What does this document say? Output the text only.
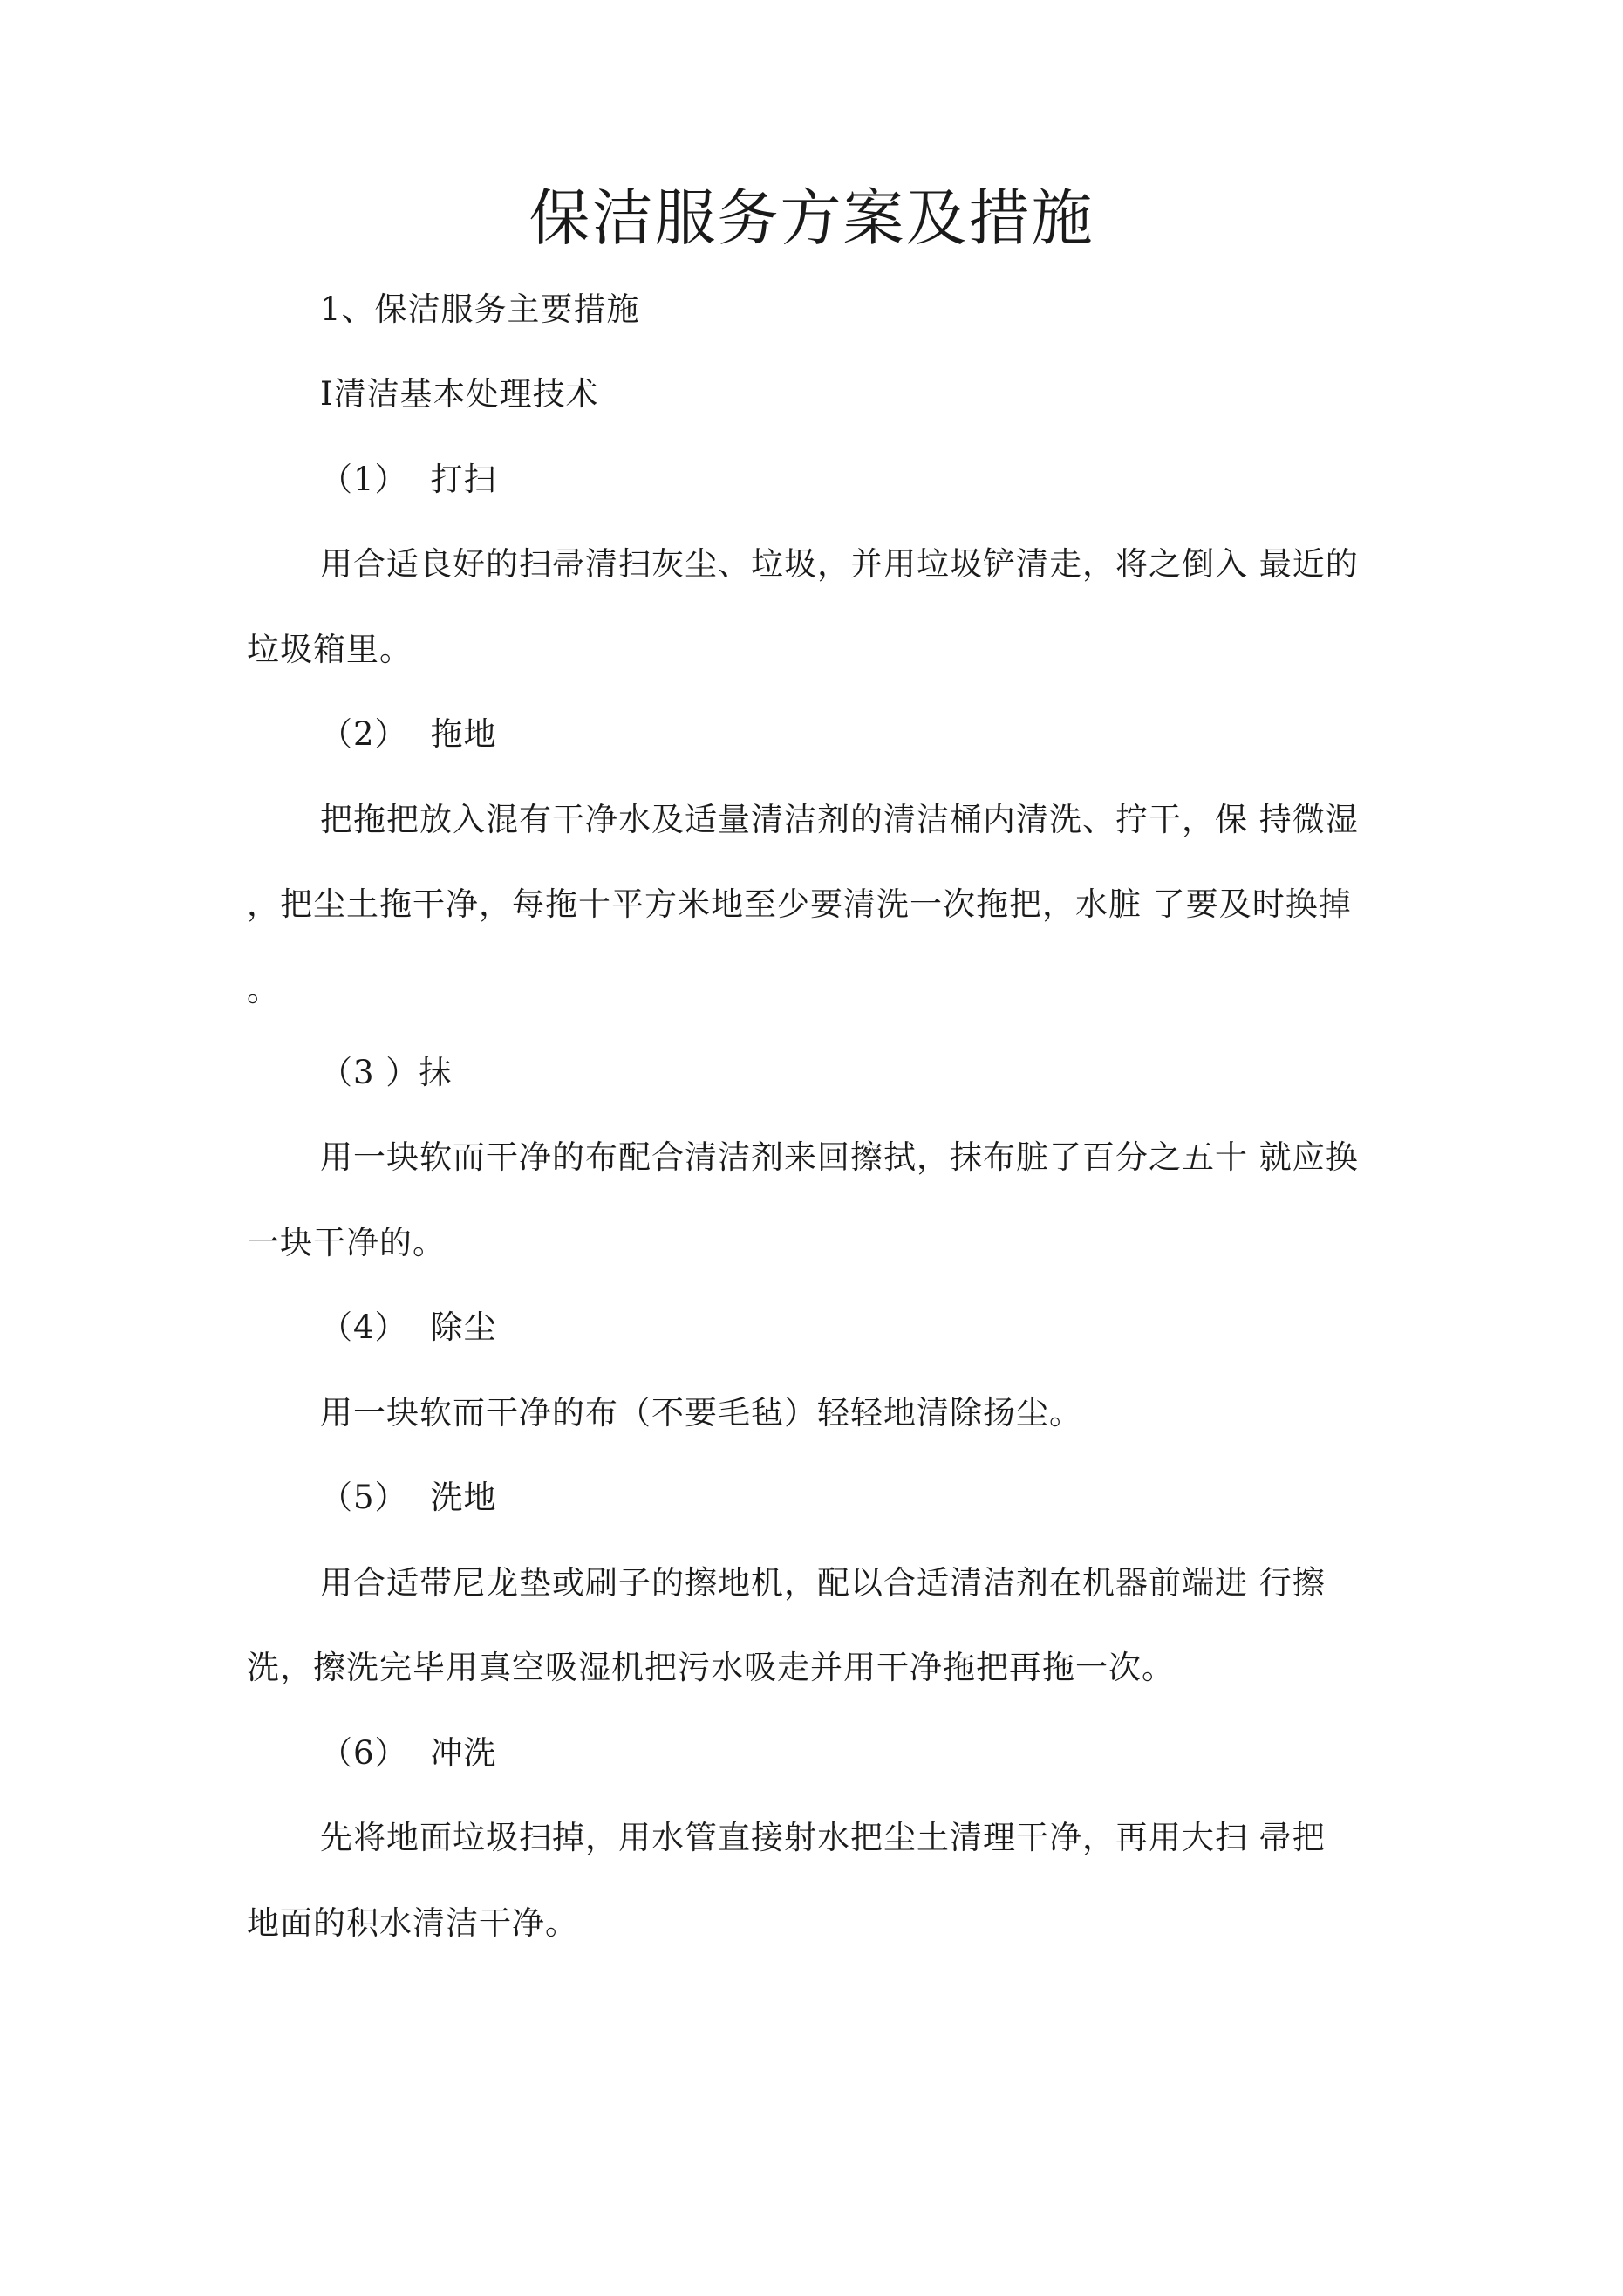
保洁服务方案及措施
1、保洁服务主要措施
Ⅰ清洁基本处理技术
（1） 打扫
用合适良好的扫帚清扫灰尘、垃圾，并用垃圾铲清走，将之倒入 最近的
垃圾箱里。
（2） 拖地
把拖把放入混有干净水及适量清洁剂的清洁桶内清洗、拧干，保 持微湿
，把尘土拖干净，每拖十平方米地至少要清洗一次拖把，水脏 了要及时换掉
。
（3 ）抹
用一块软而干净的布配合清洁剂来回擦拭，抹布脏了百分之五十 就应换
一块干净的。
（4） 除尘
用一块软而干净的布（不要毛毡）轻轻地清除扬尘。
（5） 洗地
用合适带尼龙垫或刷子的擦地机，配以合适清洁剂在机器前端进 行擦
洗，擦洗完毕用真空吸湿机把污水吸走并用干净拖把再拖一次。
（6） 冲洗
先将地面垃圾扫掉，用水管直接射水把尘土清理干净，再用大扫 帚把
地面的积水清洁干净。
